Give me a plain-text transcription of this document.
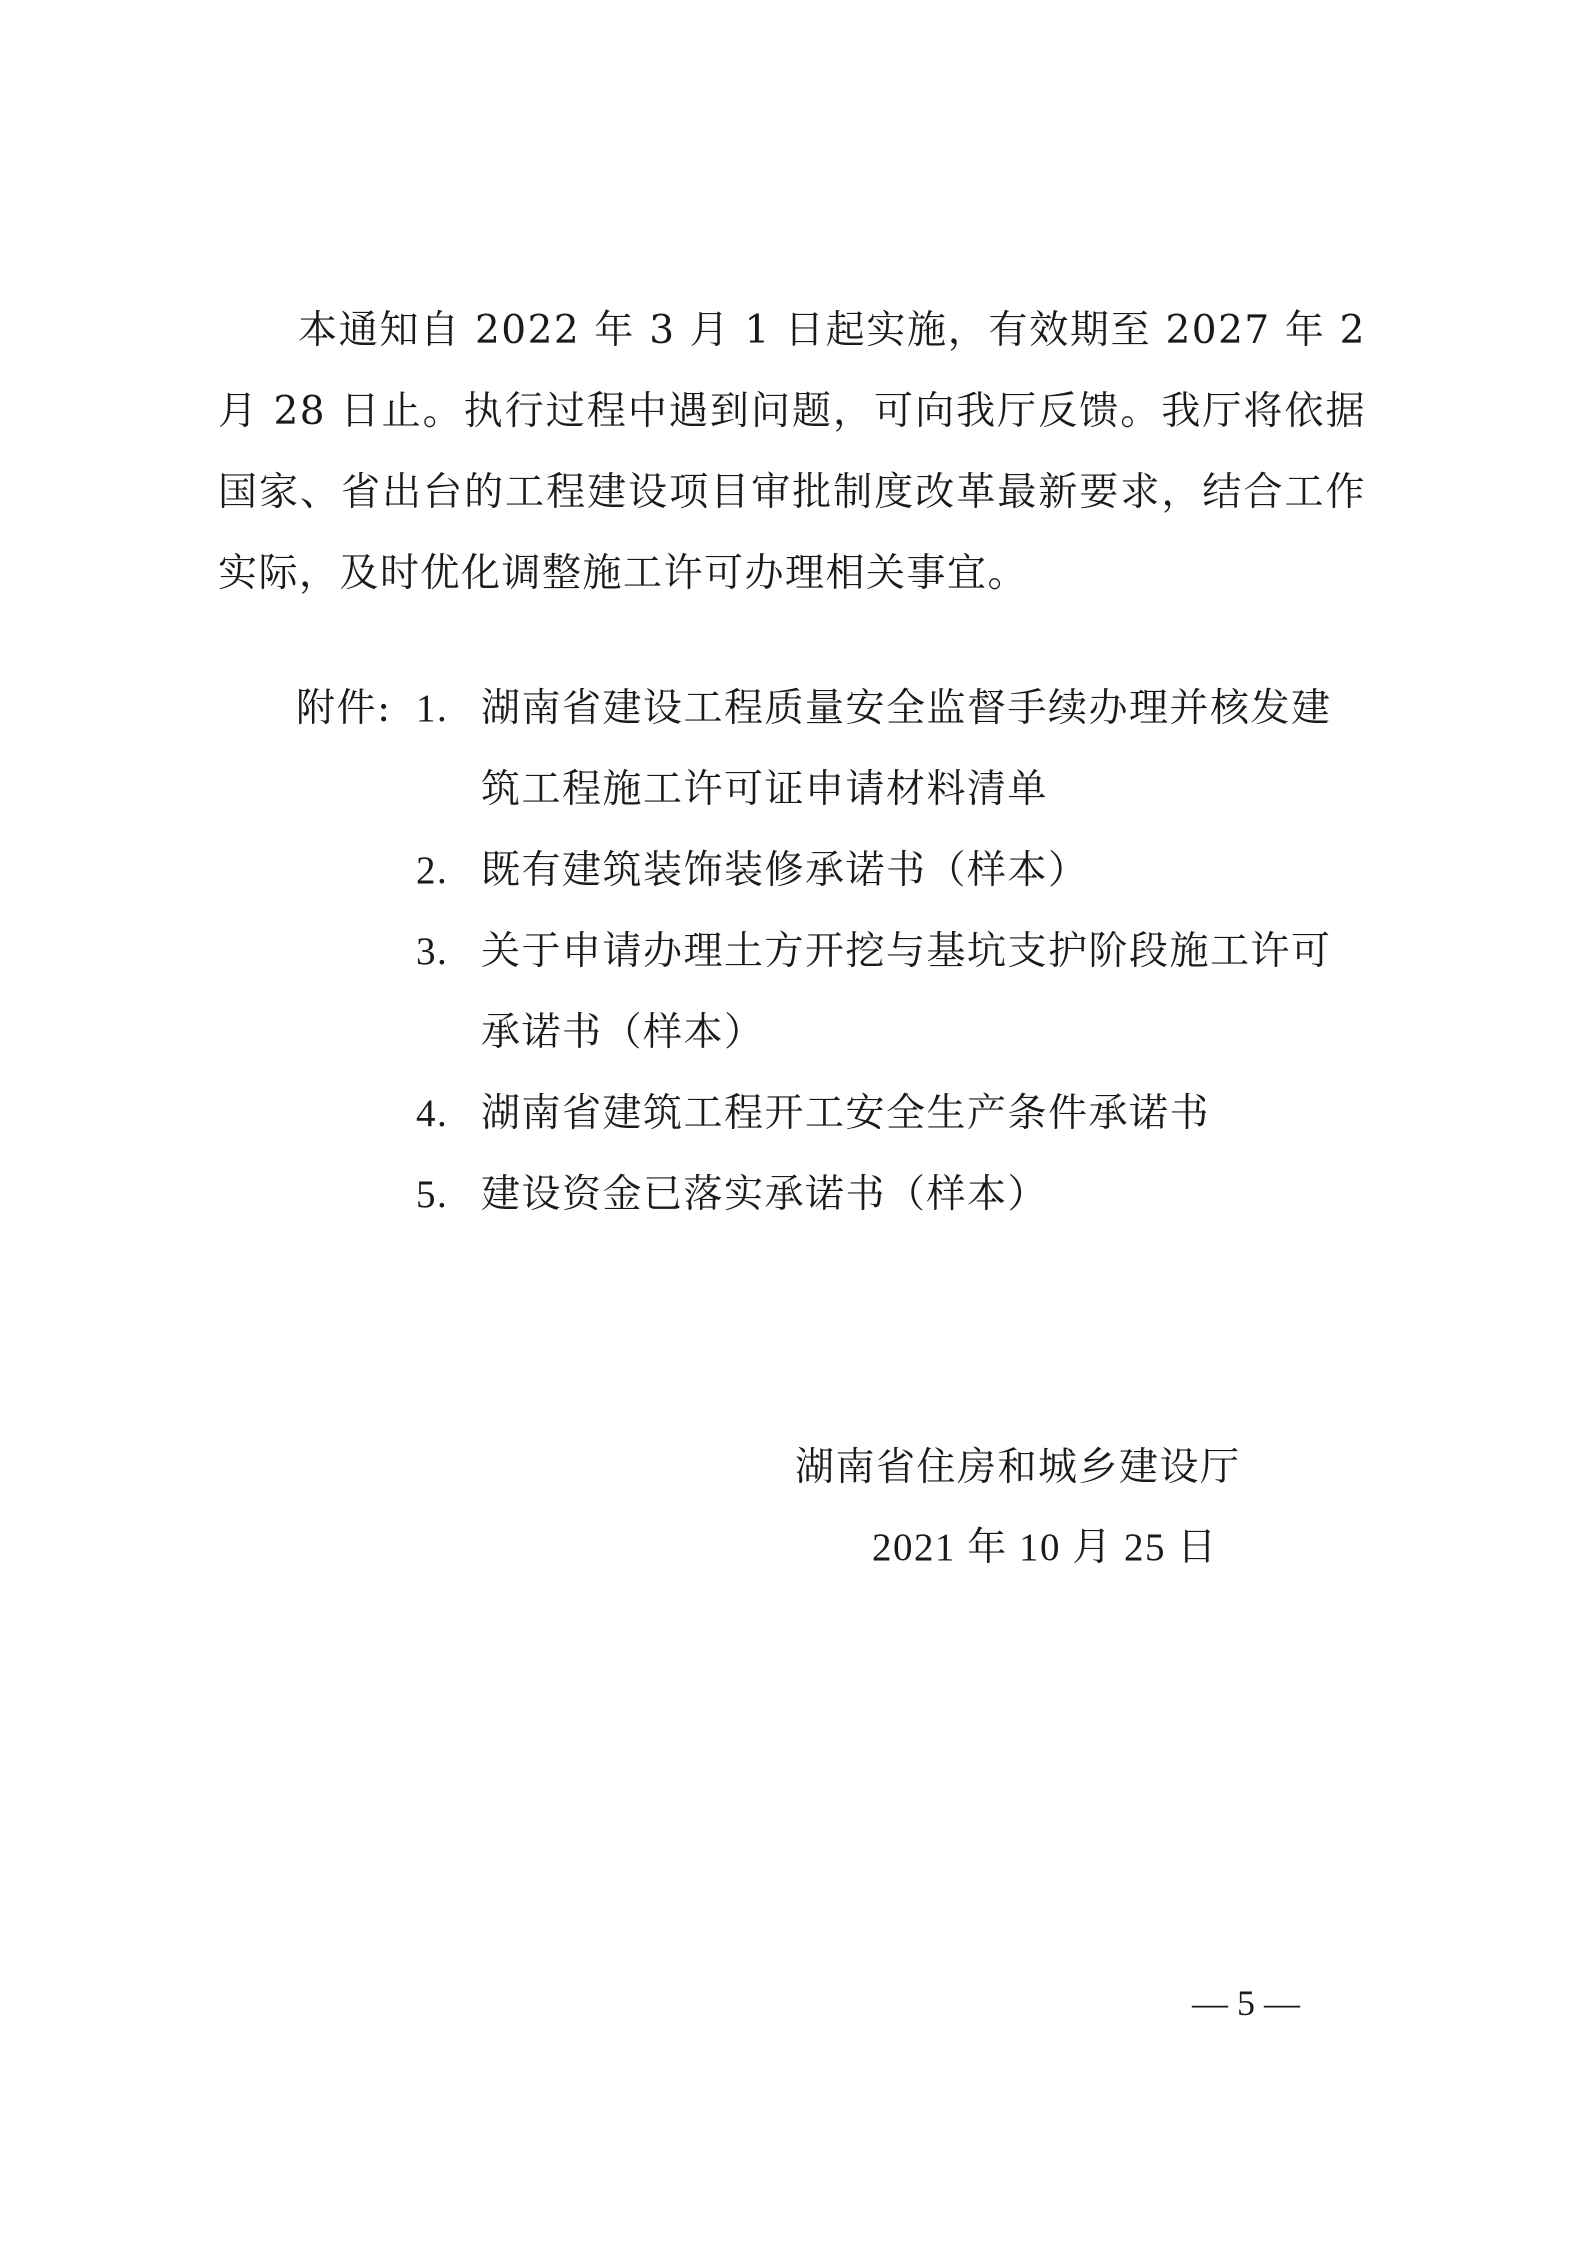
本通知自 2022 年 3 月 1 日起实施，有效期至 2027 年 2 月 28 日止。执行过程中遇到问题，可向我厅反馈。我厅将依据国家、省出台的工程建设项目审批制度改革最新要求，结合工作实际，及时优化调整施工许可办理相关事宜。

附件: 1. 湖南省建设工程质量安全监督手续办理并核发建筑工程施工许可证申请材料清单
2. 既有建筑装饰装修承诺书（样本）
3. 关于申请办理土方开挖与基坑支护阶段施工许可承诺书（样本）
4. 湖南省建筑工程开工安全生产条件承诺书
5. 建设资金已落实承诺书（样本）
湖南省住房和城乡建设厅
2021 年 10 月 25 日
— 5 —
